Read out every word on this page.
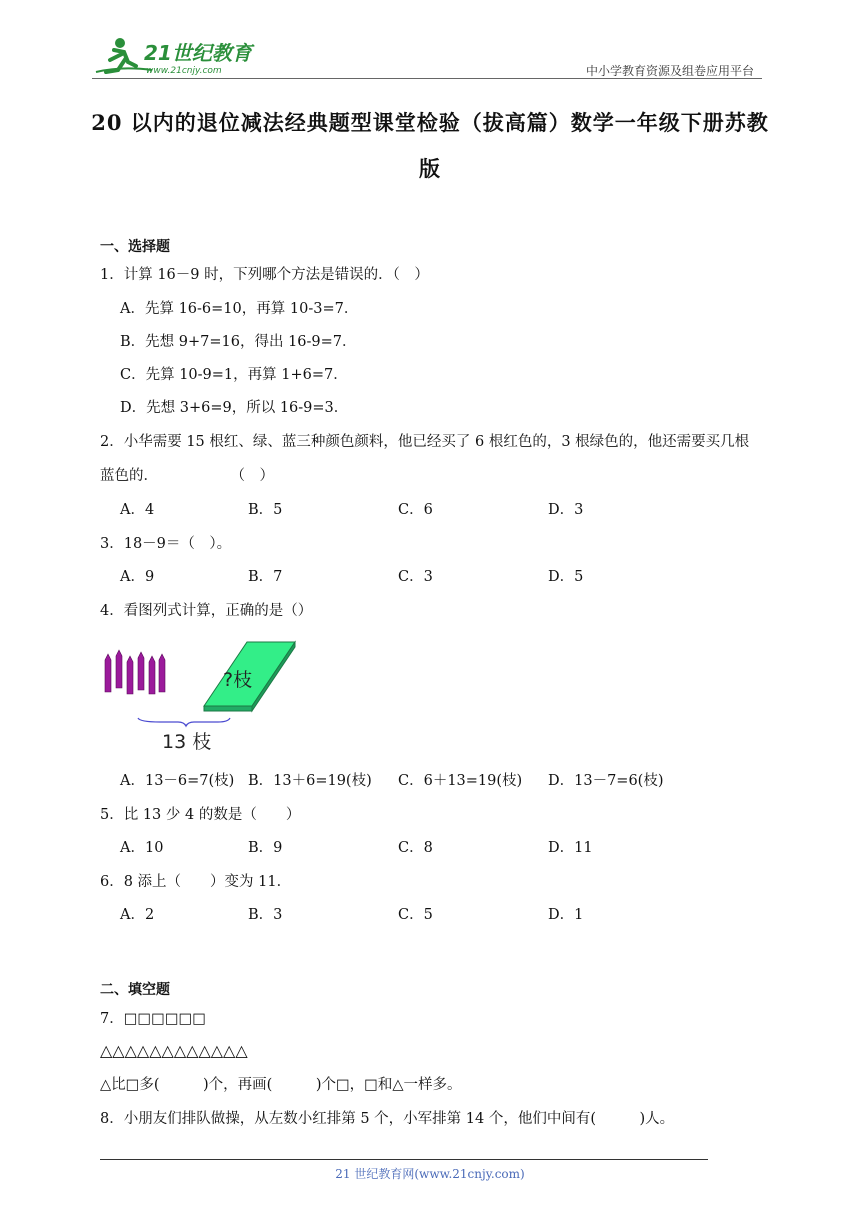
21世纪教育
www.21cnjy.com	中小学教育资源及组卷应用平台
20 以内的退位减法经典题型课堂检验（拔高篇）数学一年级下册苏教
版
一、选择题
1．计算 16－9 时，下列哪个方法是错误的．（　）
A．先算 16-6=10，再算 10-3=7．
B．先想 9+7=16，得出 16-9=7．
C．先算 10-9=1，再算 1+6=7．
D．先想 3+6=9，所以 16-9=3．
2．小华需要 15 根红、绿、蓝三种颜色颜料，他已经买了 6 根红色的，3 根绿色的，他还需要买几根
蓝色的．　　　　　　（　）
A．4	B．5	C．6	D．3
3．18－9＝（　）。
A．9	B．7	C．3	D．5
4．看图列式计算，正确的是（）
?枝
13 枝
A．13－6=7(枝) B．13＋6=19(枝) C．6＋13=19(枝) D．13－7=6(枝)
5．比 13 少 4 的数是（　　）
A．10	B．9	C．8	D．11
6．8 添上（　　）变为 11．
A．2	B．3	C．5	D．1
二、填空题
7．□□□□□□
△△△△△△△△△△△△
△比□多(　　　)个，再画(　　　)个□，□和△一样多。
8．小朋友们排队做操，从左数小红排第 5 个，小军排第 14 个，他们中间有(　　　)人。
21 世纪教育网(www.21cnjy.com)
